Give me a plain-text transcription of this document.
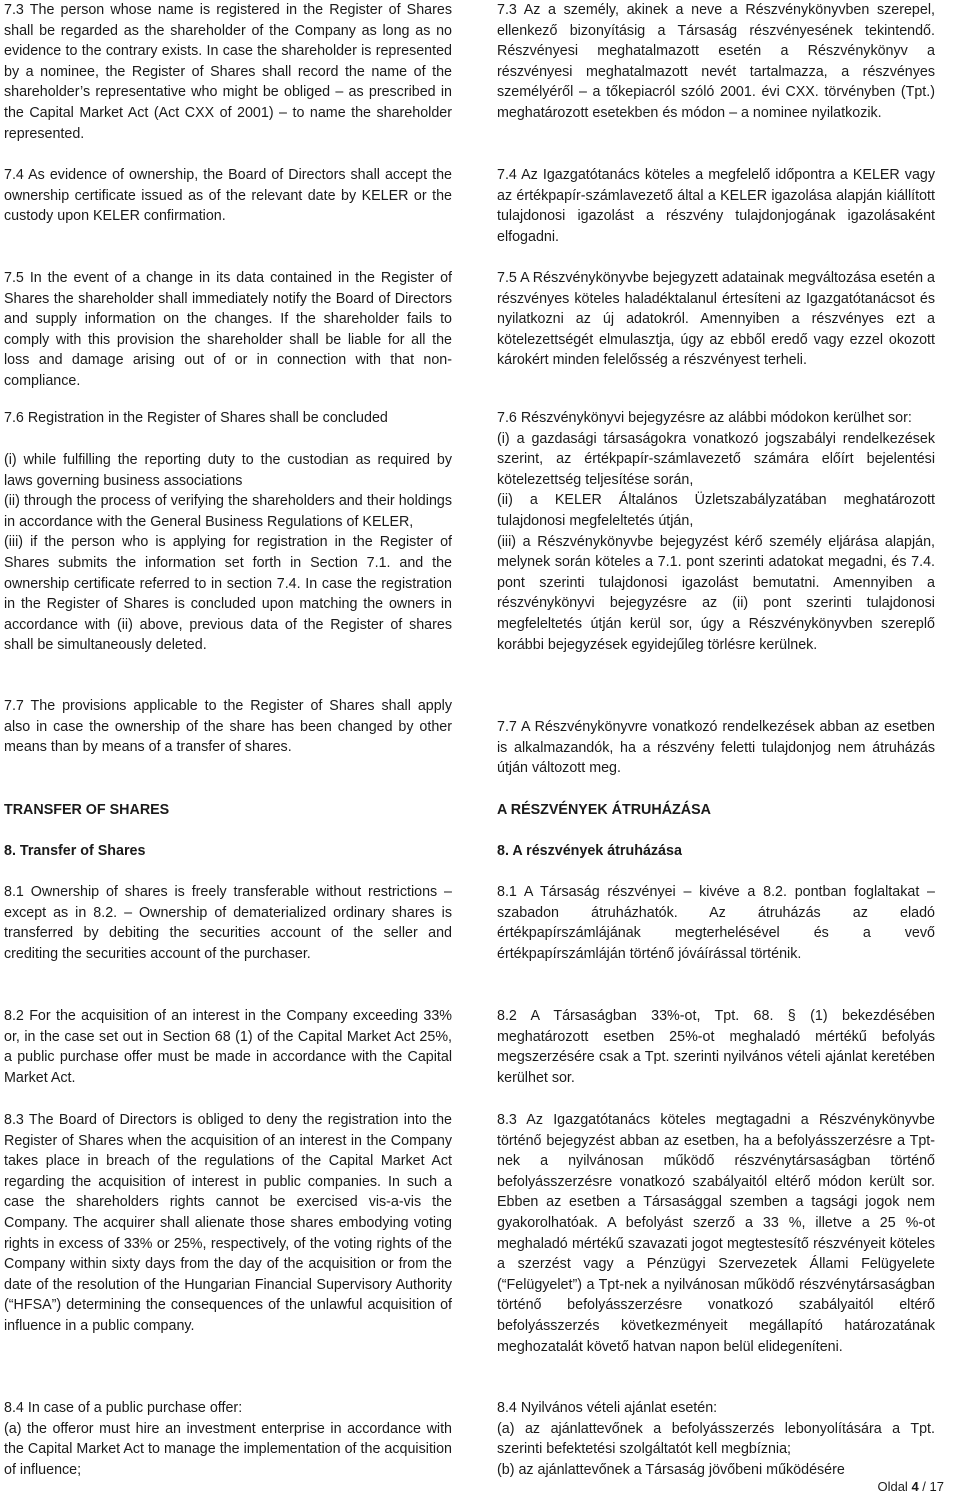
7.3 The person whose name is registered in the Register of Shares shall be regarded as the shareholder of the Company as long as no evidence to the contrary exists. In case the shareholder is represented by a nominee, the Register of Shares shall record the name of the shareholder’s representative who might be obliged – as prescribed in the Capital Market Act (Act CXX of 2001) – to name the shareholder represented.

7.4 As evidence of ownership, the Board of Directors shall accept the ownership certificate issued as of the relevant date by KELER or the custody upon KELER confirmation.

7.5 In the event of a change in its data contained in the Register of Shares the shareholder shall immediately notify the Board of Directors and supply information on the changes. If the shareholder fails to comply with this provision the shareholder shall be liable for all the loss and damage arising out of or in connection with that non-compliance.

7.6 Registration in the Register of Shares shall be concluded

(i) while fulfilling the reporting duty to the custodian as required by laws governing business associations
(ii) through the process of verifying the shareholders and their holdings in accordance with the General Business Regulations of KELER,
(iii) if the person who is applying for registration in the Register of Shares submits the information set forth in Section 7.1. and the ownership certificate referred to in section 7.4. In case the registration in the Register of Shares is concluded upon matching the owners in accordance with (ii) above, previous data of the Register of shares shall be simultaneously deleted.

7.7 The provisions applicable to the Register of Shares shall apply also in case the ownership of the share has been changed by other means than by means of a transfer of shares.

TRANSFER OF SHARES

8. Transfer of Shares

8.1 Ownership of shares is freely transferable without restrictions – except as in 8.2. – Ownership of dematerialized ordinary shares is transferred by debiting the securities account of the seller and crediting the securities account of the purchaser.

8.2 For the acquisition of an interest in the Company exceeding 33% or, in the case set out in Section 68 (1) of the Capital Market Act 25%, a public purchase offer must be made in accordance with the Capital Market Act.

8.3 The Board of Directors is obliged to deny the registration into the Register of Shares when the acquisition of an interest in the Company takes place in breach of the regulations of the Capital Market Act regarding the acquisition of interest in public companies. In such a case the shareholders rights cannot be exercised vis-a-vis the Company. The acquirer shall alienate those shares embodying voting rights in excess of 33% or 25%, respectively, of the voting rights of the Company within sixty days from the day of the acquisition or from the date of the resolution of the Hungarian Financial Supervisory Authority (“HFSA”) determining the consequences of the unlawful acquisition of influence in a public company.

8.4 In case of a public purchase offer:
(a) the offeror must hire an investment enterprise in accordance with the Capital Market Act to manage the implementation of the acquisition of influence;

7.3 Az a személy, akinek a neve a Részvénykönyvben szerepel, ellenkező bizonyításig a Társaság részvényesének tekintendő. Részvényesi meghatalmazott esetén a Részvénykönyv a részvényesi meghatalmazott nevét tartalmazza, a részvényes személyéről – a tőkepiacról szóló 2001. évi CXX. törvényben (Tpt.) meghatározott esetekben és módon – a nominee nyilatkozik.

7.4 Az Igazgatótanács köteles a megfelelő időpontra a KELER vagy az értékpapír-számlavezető által a KELER igazolása alapján kiállított tulajdonosi igazolást a részvény tulajdonjogának igazolásaként elfogadni.

7.5 A Részvénykönyvbe bejegyzett adatainak megváltozása esetén a részvényes köteles haladéktalanul értesíteni az Igazgatótanácsot és nyilatkozni az új adatokról. Amennyiben a részvényes ezt a kötelezettségét elmulasztja, úgy az ebből eredő vagy ezzel okozott károkért minden felelősség a részvényest terheli.

7.6 Részvénykönyvi bejegyzésre az alábbi módokon kerülhet sor:
(i) a gazdasági társaságokra vonatkozó jogszabályi rendelkezések szerint, az értékpapír-számlavezető számára előírt bejelentési kötelezettség teljesítése során,
(ii) a KELER Általános Üzletszabályzatában meghatározott tulajdonosi megfeleltetés útján,
(iii) a Részvénykönyvbe bejegyzést kérő személy eljárása alapján, melynek során köteles a 7.1. pont szerinti adatokat megadni, és 7.4. pont szerinti tulajdonosi igazolást bemutatni. Amennyiben a részvénykönyvi bejegyzésre az (ii) pont szerinti tulajdonosi megfeleltetés útján kerül sor, úgy a Részvénykönyvben szereplő korábbi bejegyzések egyidejűleg törlésre kerülnek.

7.7 A Részvénykönyvre vonatkozó rendelkezések abban az esetben is alkalmazandók, ha a részvény feletti tulajdonjog nem átruházás útján változott meg.

A RÉSZVÉNYEK ÁTRUHÁZÁSA

8. A részvények átruházása

8.1 A Társaság részvényei – kivéve a 8.2. pontban foglaltakat – szabadon átruházhatók. Az átruházás az eladó értékpapírszámlájának megterhelésével és a vevő értékpapírszámláján történő jóváírással történik.

8.2 A Társaságban 33%-ot, Tpt. 68. § (1) bekezdésében meghatározott esetben 25%-ot meghaladó mértékű befolyás megszerzésére csak a Tpt. szerinti nyilvános vételi ajánlat keretében kerülhet sor.

8.3 Az Igazgatótanács köteles megtagadni a Részvénykönyvbe történő bejegyzést abban az esetben, ha a befolyásszerzésre a Tpt-nek a nyilvánosan működő részvénytársaságban történő befolyásszerzésre vonatkozó szabályaitól eltérő módon került sor. Ebben az esetben a Társasággal szemben a tagsági jogok nem gyakorolhatóak. A befolyást szerző a 33 %, illetve a 25 %-ot meghaladó mértékű szavazati jogot megtestesítő részvényeit köteles a szerzést vagy a Pénzügyi Szervezetek Állami Felügyelete (“Felügyelet”) a Tpt-nek a nyilvánosan működő részvénytársaságban történő befolyásszerzésre vonatkozó szabályaitól eltérő befolyásszerzés következményeit megállapító határozatának meghozatalát követő hatvan napon belül elidegeníteni.

8.4 Nyilvános vételi ajánlat esetén:
(a) az ajánlattevőnek a befolyásszerzés lebonyolítására a Tpt. szerinti befektetési szolgáltatót kell megbíznia;
(b) az ajánlattevőnek a Társaság jövőbeni működésére

Oldal 4 / 17
